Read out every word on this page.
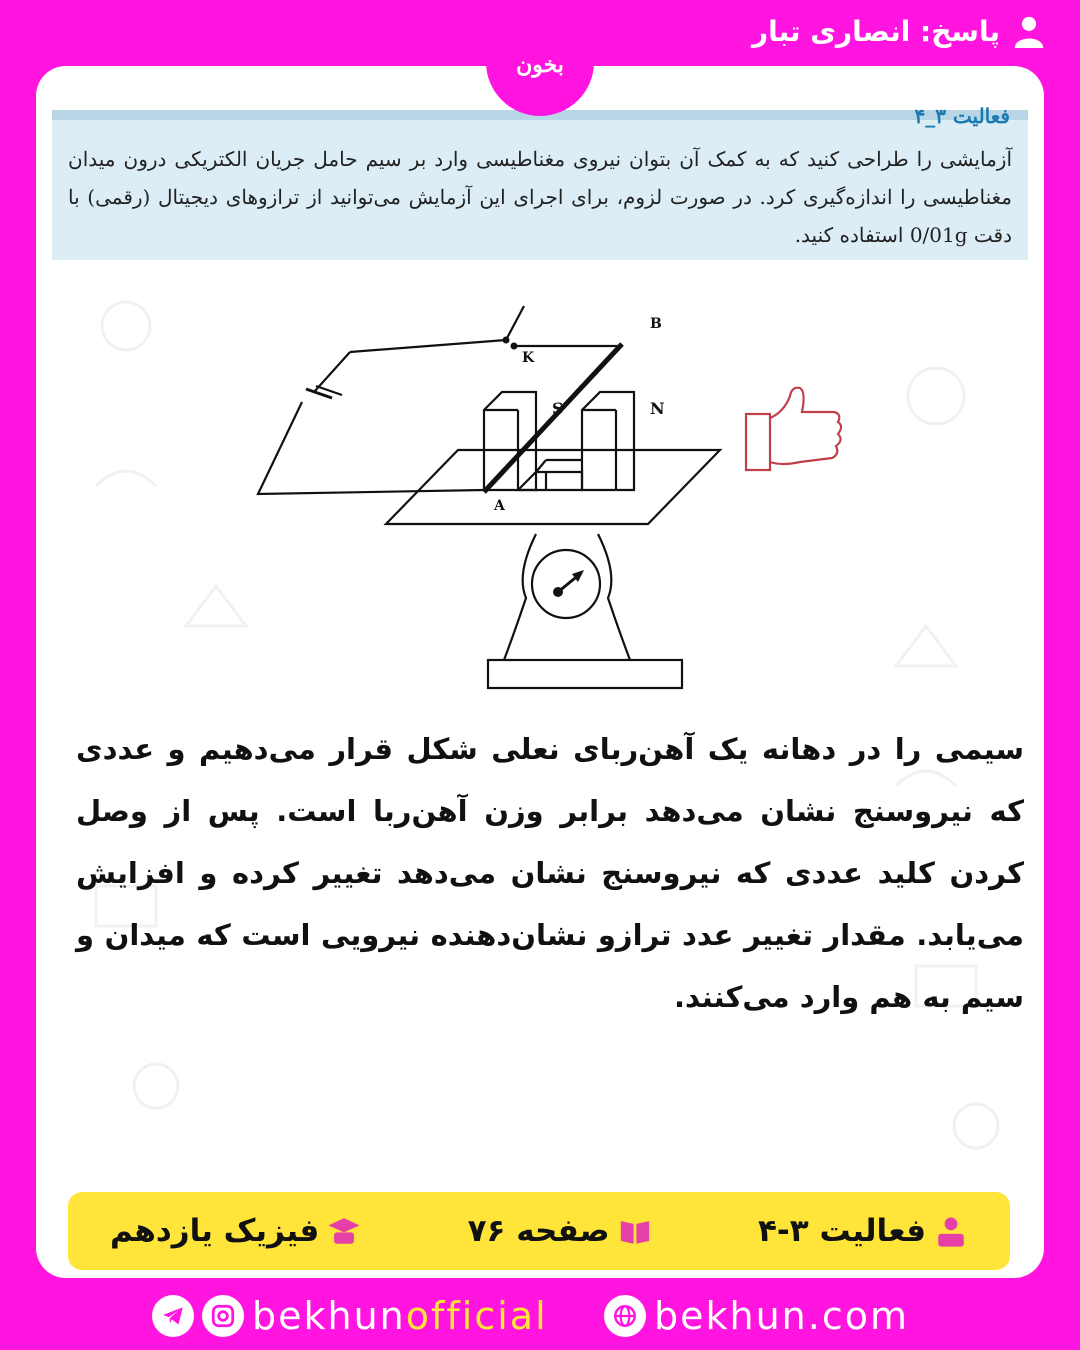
پاسخ: انصاری تبار
فعالیت ۳_۴
آزمایشی را طراحی کنید که به کمک آن بتوان نیروی مغناطیسی وارد بر سیم حامل جریان الکتریکی درون میدان مغناطیسی را اندازه‌گیری کرد. در صورت لزوم، برای اجرای این آزمایش می‌توانید از ترازوهای دیجیتال (رقمی) با دقت 0/01g استفاده کنید.
B
K
S	N
A
سیمی را در دهانه یک آهن‌ربای نعلی شکل قرار می‌دهیم و عددی که نیروسنج نشان می‌دهد برابر وزن آهن‌ربا است. پس از وصل کردن کلید عددی که نیروسنج نشان می‌دهد تغییر کرده و افزایش می‌یابد. مقدار تغییر عدد ترازو نشان‌دهنده نیرویی است که میدان و سیم به هم وارد می‌کنند.
فعالیت ۳-۴
صفحه ۷۶
فیزیک یازدهم
بخون
bekhunofficial	bekhun.com
